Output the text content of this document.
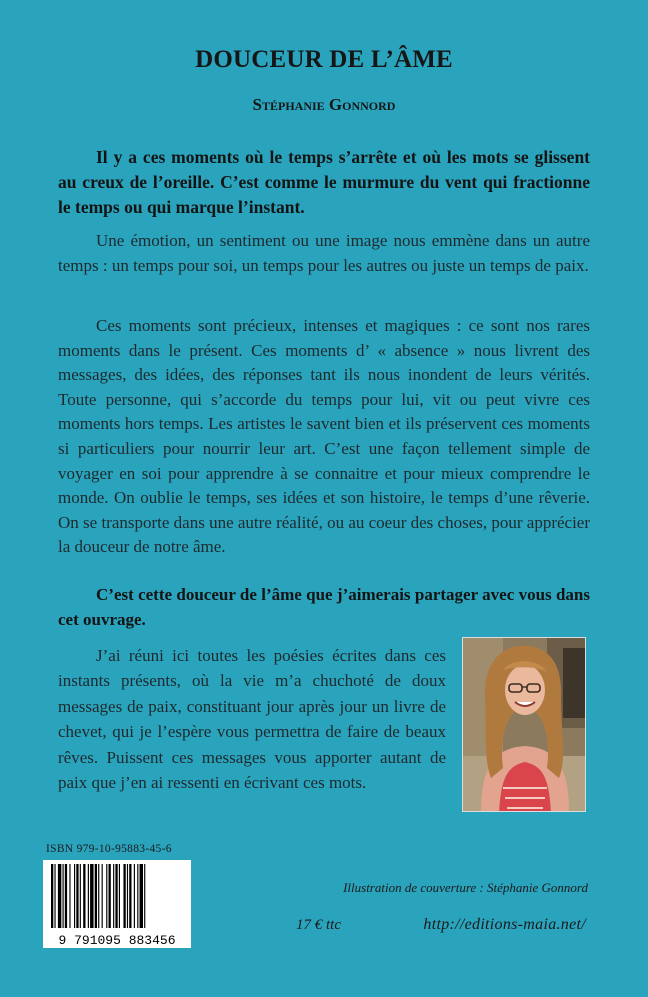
DOUCEUR DE L’ÂME
Stéphanie Gonnord

Il y a ces moments où le temps s’arrête et où les mots se glissent au creux de l’oreille. C’est comme le murmure du vent qui fractionne le temps ou qui marque l’instant.

Une émotion, un sentiment ou une image nous emmène dans un autre temps : un temps pour soi, un temps pour les autres ou juste un temps de paix.

Ces moments sont précieux, intenses et magiques : ce sont nos rares moments dans le présent. Ces moments d’ « absence » nous livrent des messages, des idées, des réponses tant ils nous inondent de leurs vérités. Toute personne, qui s’accorde du temps pour lui, vit ou peut vivre ces moments hors temps. Les artistes le savent bien et ils préservent ces moments si particuliers pour nourrir leur art. C’est une façon tellement simple de voyager en soi pour apprendre à se connaitre et pour mieux comprendre le monde. On oublie le temps, ses idées et son histoire, le temps d’une rêverie. On se transporte dans une autre réalité, ou au coeur des choses, pour apprécier la douceur de notre âme.

C’est cette douceur de l’âme que j’aimerais partager avec vous dans cet ouvrage.

J’ai réuni ici toutes les poésies écrites dans ces instants présents, où la vie m’a chuchoté de doux messages de paix, constituant jour après jour un livre de chevet, qui je l’espère vous permettra de faire de beaux rêves. Puissent ces messages vous apporter autant de paix que j’en ai ressenti en écrivant ces mots.

ISBN 979-10-95883-45-6
9 791095 883456
Illustration de couverture : Stéphanie Gonnord
17 € ttc	http://editions-maia.net/
